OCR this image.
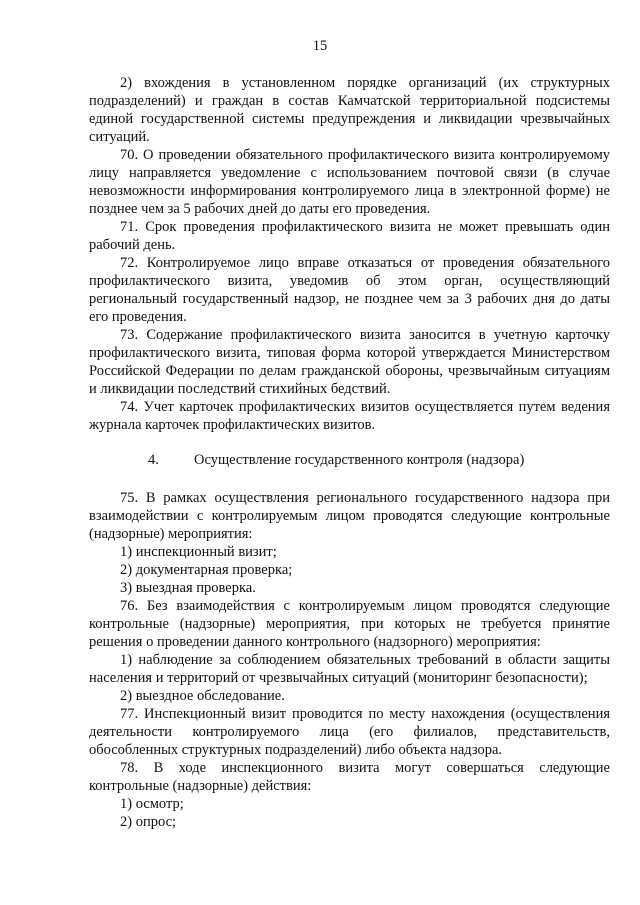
15

2) вхождения в установленном порядке организаций (их структурных подразделений) и граждан в состав Камчатской территориальной подсистемы единой государственной системы предупреждения и ликвидации чрезвычайных ситуаций.

70. О проведении обязательного профилактического визита контролируемому лицу направляется уведомление с использованием почтовой связи (в случае невозможности информирования контролируемого лица в электронной форме) не позднее чем за 5 рабочих дней до даты его проведения.

71. Срок проведения профилактического визита не может превышать один рабочий день.

72. Контролируемое лицо вправе отказаться от проведения обязательного профилактического визита, уведомив об этом орган, осуществляющий региональный государственный надзор, не позднее чем за 3 рабочих дня до даты его проведения.

73. Содержание профилактического визита заносится в учетную карточку профилактического визита, типовая форма которой утверждается Министерством Российской Федерации по делам гражданской обороны, чрезвычайным ситуациям и ликвидации последствий стихийных бедствий.

74. Учет карточек профилактических визитов осуществляется путем ведения журнала карточек профилактических визитов.

4.	Осуществление государственного контроля (надзора)

75. В рамках осуществления регионального государственного надзора при взаимодействии с контролируемым лицом проводятся следующие контрольные (надзорные) мероприятия:

1) инспекционный визит;

2) документарная проверка;

3) выездная проверка.

76. Без взаимодействия с контролируемым лицом проводятся следующие контрольные (надзорные) мероприятия, при которых не требуется принятие решения о проведении данного контрольного (надзорного) мероприятия:

1) наблюдение за соблюдением обязательных требований в области защиты населения и территорий от чрезвычайных ситуаций (мониторинг безопасности);

2) выездное обследование.

77. Инспекционный визит проводится по месту нахождения (осуществления деятельности контролируемого лица (его филиалов, представительств, обособленных структурных подразделений) либо объекта надзора.

78. В ходе инспекционного визита могут совершаться следующие контрольные (надзорные) действия:

1) осмотр;

2) опрос;
